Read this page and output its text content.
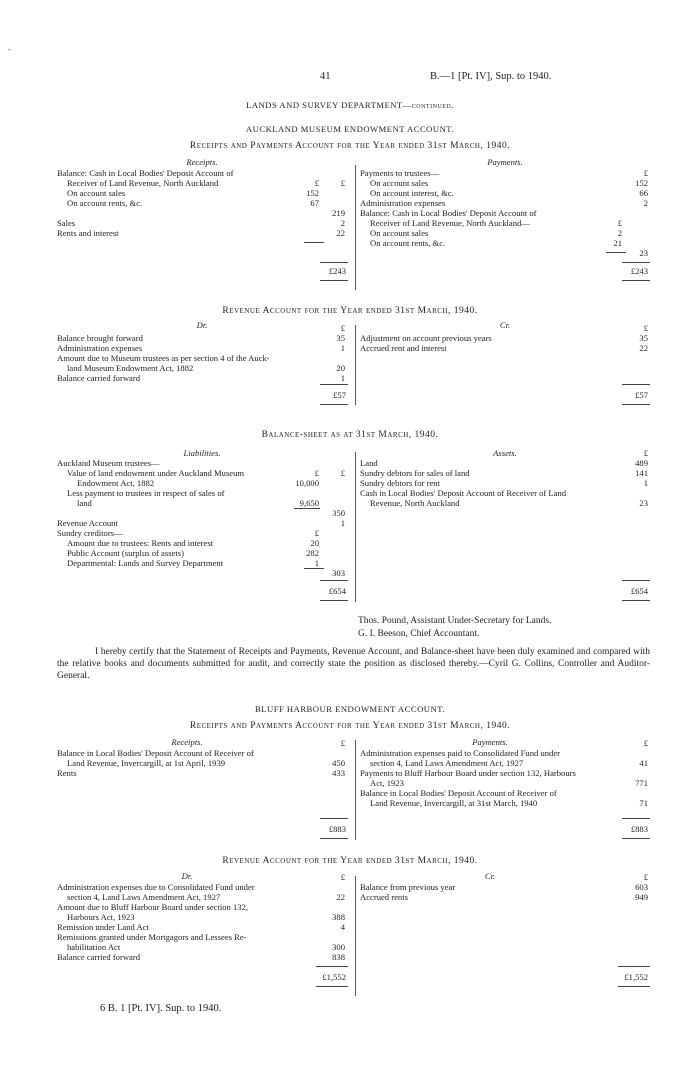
-
41	B.—1 [Pt. IV], Sup. to 1940.
LANDS AND SURVEY DEPARTMENT—continued.
AUCKLAND MUSEUM ENDOWMENT ACCOUNT.
Receipts and Payments Account for the Year ended 31st March, 1940.
Receipts.	Payments.
Balance: Cash in Local Bodies' Deposit Account of
Receiver of Land Revenue, North Auckland	£	£
On account sales	152
On account rents, &c.	67
219
Sales	2
Rents and interest	22
£243
Payments to trustees—	£
On account sales	152
On account interest, &c.	66
Administration expenses	2
Balance: Cash in Local Bodies' Deposit Account of
Receiver of Land Revenue, North Auckland—	£
On account sales	2
On account rents, &c.	21
23
£243
Revenue Account for the Year ended 31st March, 1940.
Dr.	Cr.
£
Balance brought forward	35
Administration expenses	1
Amount due to Museum trustees as per section 4 of the Auck-
land Museum Endowment Act, 1882	20
Balance carried forward	1
£57
£
Adjustment on account previous years	35
Accrued rent and interest	22
£57
Balance-sheet as at 31st March, 1940.
Liabilities.	Assets.
Auckland Museum trustees—
Value of land endowment under Auckland Museum	£	£
Endowment Act, 1882	10,000
Less payment to trustees in respect of sales of
land	9,650
350
Revenue Account	1
Sundry creditors—	£
Amount due to trustees: Rents and interest	20
Public Account (surplus of assets)	282
Departmental: Lands and Survey Department	1
303
£654
£
Land	489
Sundry debtors for sales of land	141
Sundry debtors for rent	1
Cash in Local Bodies' Deposit Account of Receiver of Land
Revenue, North Auckland	23
£654
Thos. Pound, Assistant Under-Secretary for Lands.
G. I. Beeson, Chief Accountant.
I hereby certify that the Statement of Receipts and Payments, Revenue Account, and Balance-sheet have been duly examined and compared with the relative books and documents submitted for audit, and correctly state the position as disclosed thereby.—Cyril G. Collins, Controller and Auditor-General.
BLUFF HARBOUR ENDOWMENT ACCOUNT.
Receipts and Payments Account for the Year ended 31st March, 1940.
Receipts.	Payments.
£
Balance in Local Bodies' Deposit Account of Receiver of
Land Revenue, Invercargill, at 1st April, 1939	450
Rents	433
£883
£
Administration expenses paid to Consolidated Fund under
section 4, Land Laws Amendment Act, 1927	41
Payments to Bluff Harbour Board under section 132, Harbours
Act, 1923	771
Balance in Local Bodies' Deposit Account of Receiver of
Land Revenue, Invercargill, at 31st March, 1940	71
£883
Revenue Account for the Year ended 31st March, 1940.
Dr.	Cr.
£
Administration expenses due to Consolidated Fund under
section 4, Land Laws Amendment Act, 1927	22
Amount due to Bluff Harbour Board under section 132,
Harbours Act, 1923	388
Remission under Land Act	4
Remissions granted under Mortgagors and Lessees Re-
habilitation Act	300
Balance carried forward	838
£1,552
£
Balance from previous year	603
Accrued rents	949
£1,552
6 B. 1 [Pt. IV]. Sup. to 1940.
